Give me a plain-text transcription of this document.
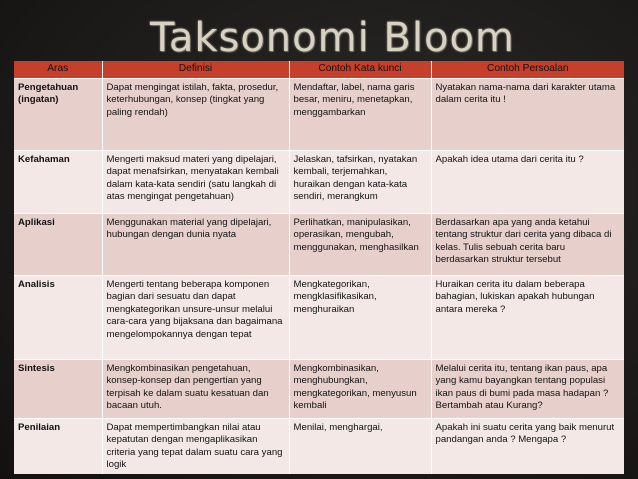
Taksonomi Bloom
Aras	Definisi	Contoh Kata kunci	Contoh Persoalan
Pengetahuan (ingatan)	Dapat mengingat istilah, fakta, prosedur, keterhubungan, konsep (tingkat yang paling rendah)	Mendaftar, label, nama garis besar, meniru, menetapkan, menggambarkan	Nyatakan nama-nama dari karakter utama dalam cerita itu !
Kefahaman	Mengerti maksud materi yang dipelajari, dapat menafsirkan, menyatakan kembali dalam kata-kata sendiri (satu langkah di atas mengingat pengetahuan)	Jelaskan, tafsirkan, nyatakan kembali, terjemahkan, huraikan dengan kata-kata sendiri, merangkum	Apakah idea utama dari cerita itu ?
Aplikasi	Menggunakan material yang dipelajari, hubungan dengan dunia nyata	Perlihatkan, manipulasikan, operasikan, mengubah, menggunakan, menghasilkan	Berdasarkan apa yang anda ketahui tentang struktur dari cerita yang dibaca di kelas. Tulis sebuah cerita baru berdasarkan struktur tersebut
Analisis	Mengerti tentang beberapa komponen bagian dari sesuatu dan dapat mengkategorikan unsure-unsur melalui cara-cara yang bijaksana dan bagaimana mengelompokannya dengan tepat	Mengkategorikan, mengklasifikasikan, menghuraikan	Huraikan cerita itu dalam beberapa bahagian, lukiskan apakah hubungan antara mereka ?
Sintesis	Mengkombinasikan pengetahuan, konsep-konsep dan pengertian yang terpisah ke dalam suatu kesatuan dan bacaan utuh.	Mengkombinasikan, menghubungkan, mengkategorikan, menyusun kembali	Melalui cerita itu, tentang ikan paus, apa yang kamu bayangkan tentang populasi ikan paus di bumi pada masa hadapan ? Bertambah atau Kurang?
Penilaian	Dapat mempertimbangkan nilai atau kepatutan dengan mengaplikasikan criteria yang tepat dalam suatu cara yang logik	Menilai, menghargai,	Apakah ini suatu cerita yang baik menurut pandangan anda ? Mengapa ?
